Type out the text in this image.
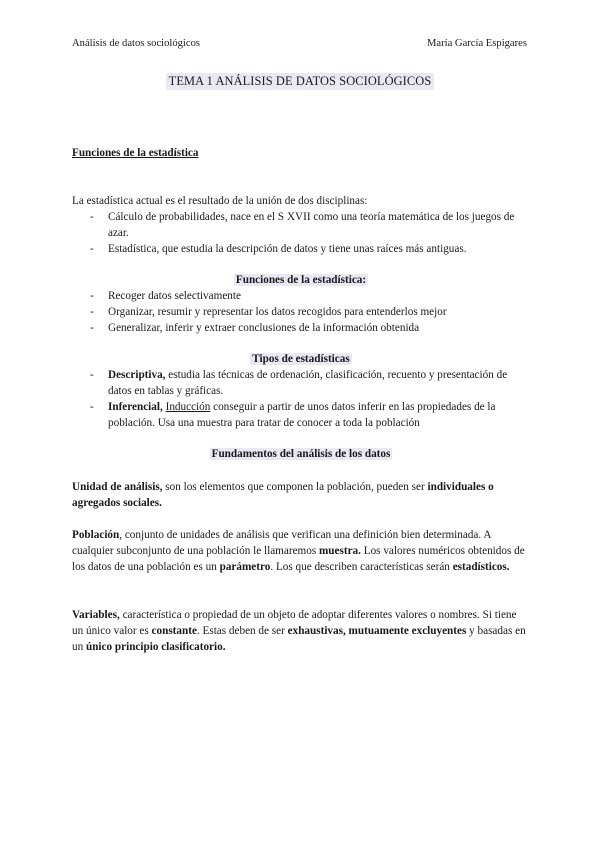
Análisis de datos sociológicos	María García Espigares
TEMA 1 ANÁLISIS DE DATOS SOCIOLÓGICOS
Funciones de la estadística

La estadística actual es el resultado de la unión de dos disciplinas:

- Cálculo de probabilidades, nace en el S XVII como una teoría matemática de los juegos de azar.
- Estadística, que estudia la descripción de datos y tiene unas raíces más antiguas.
Funciones de la estadística:
- Recoger datos selectivamente
- Organizar, resumir y representar los datos recogidos para entenderlos mejor
- Generalizar, inferir y extraer conclusiones de la información obtenida
Tipos de estadísticas
- Descriptiva, estudia las técnicas de ordenación, clasificación, recuento y presentación de datos en tablas y gráficas.
- Inferencial, Inducción conseguir a partir de unos datos inferir en las propiedades de la población. Usa una muestra para tratar de conocer a toda la población
Fundamentos del análisis de los datos

Unidad de análisis, son los elementos que componen la población, pueden ser individuales o agregados sociales.

Población, conjunto de unidades de análisis que verifican una definición bien determinada. A cualquier subconjunto de una población le llamaremos muestra. Los valores numéricos obtenidos de los datos de una población es un parámetro. Los que describen características serán estadísticos.

Variables, característica o propiedad de un objeto de adoptar diferentes valores o nombres. Si tiene un único valor es constante. Estas deben de ser exhaustivas, mutuamente excluyentes y basadas en un único principio clasificatorio.
